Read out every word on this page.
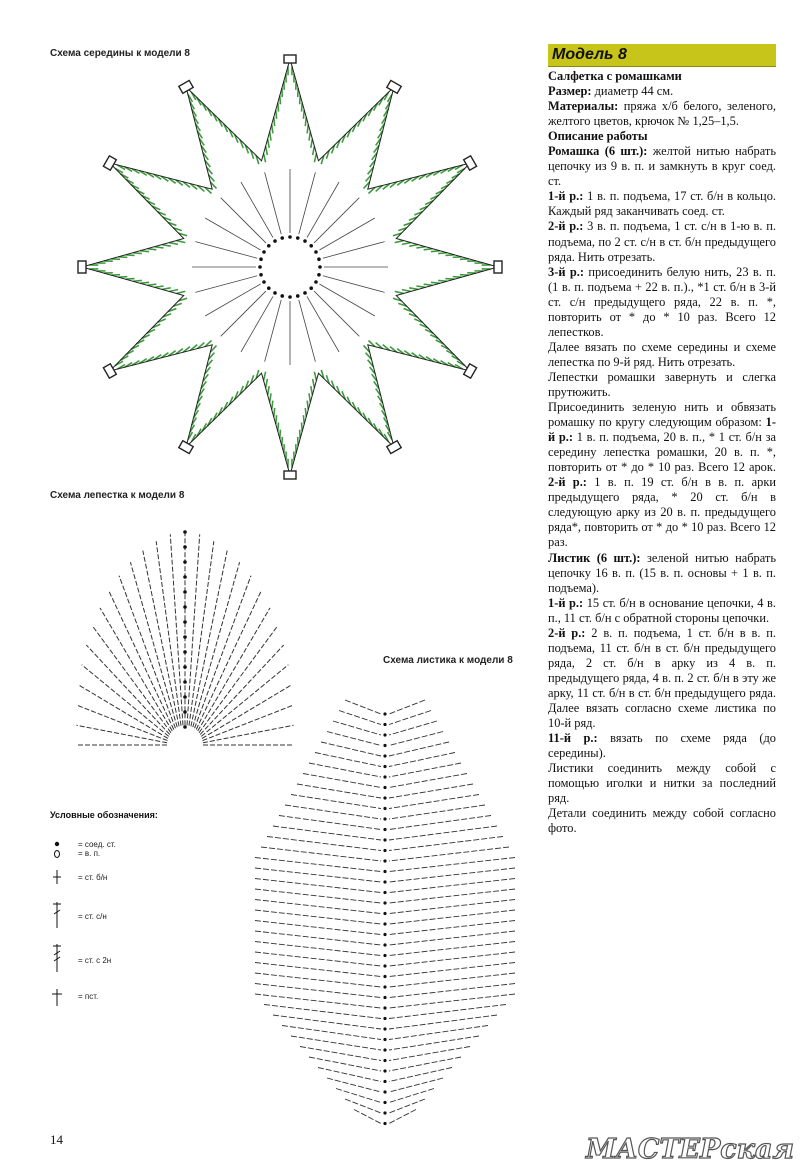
Схема середины к модели 8
Схема лепестка к модели 8
Схема листика к модели 8
Условные обозначения:
= соед. ст.
= в. п.
= ст. б/н
= ст. с/н
= ст. с 2н
= пст.
Модель 8

Салфетка с ромашками

Размер: диаметр 44 см.

Материалы: пряжа х/б белого, зеленого, желтого цветов, крючок № 1,25–1,5.

Описание работы

Ромашка (6 шт.): желтой нитью набрать цепочку из 9 в. п. и замкнуть в круг соед. ст.

1-й р.: 1 в. п. подъема, 17 ст. б/н в кольцо. Каждый ряд заканчивать соед. ст.

2-й р.: 3 в. п. подъема, 1 ст. с/н в 1-ю в. п. подъема, по 2 ст. с/н в ст. б/н предыдущего ряда. Нить отрезать.

3-й р.: присоединить белую нить, 23 в. п. (1 в. п. подъема + 22 в. п.)., *1 ст. б/н в 3-й ст. с/н предыдущего ряда, 22 в. п. *, повторить от * до * 10 раз. Всего 12 лепестков.

Далее вязать по схеме середины и схеме лепестка по 9-й ряд. Нить отрезать.

Лепестки ромашки завернуть и слегка прутюжить.

Присоединить зеленую нить и обвязать ромашку по кругу следующим образом: 1-й р.: 1 в. п. подъема, 20 в. п., * 1 ст. б/н за середину лепестка ромашки, 20 в. п. *, повторить от * до * 10 раз. Всего 12 арок. 2-й р.: 1 в. п. 19 ст. б/н в в. п. арки предыдущего ряда, * 20 ст. б/н в следующую арку из 20 в. п. предыдущего ряда*, повторить от * до * 10 раз. Всего 12 раз.

Листик (6 шт.): зеленой нитью набрать цепочку 16 в. п. (15 в. п. основы + 1 в. п. подъема).

1-й р.: 15 ст. б/н в основание цепочки, 4 в. п., 11 ст. б/н с обратной стороны цепочки.

2-й р.: 2 в. п. подъема, 1 ст. б/н в в. п. подъема, 11 ст. б/н в ст. б/н предыдущего ряда, 2 ст. б/н в арку из 4 в. п. предыдущего ряда, 4 в. п. 2 ст. б/н в эту же арку, 11 ст. б/н в ст. б/н предыдущего ряда. Далее вязать согласно схеме листика по 10-й ряд.

11-й р.: вязать по схеме ряда (до середины).

Листики соединить между собой с помощью иголки и нитки за последний ряд.

Детали соединить между собой согласно фото.

14	МАСТЕРская
